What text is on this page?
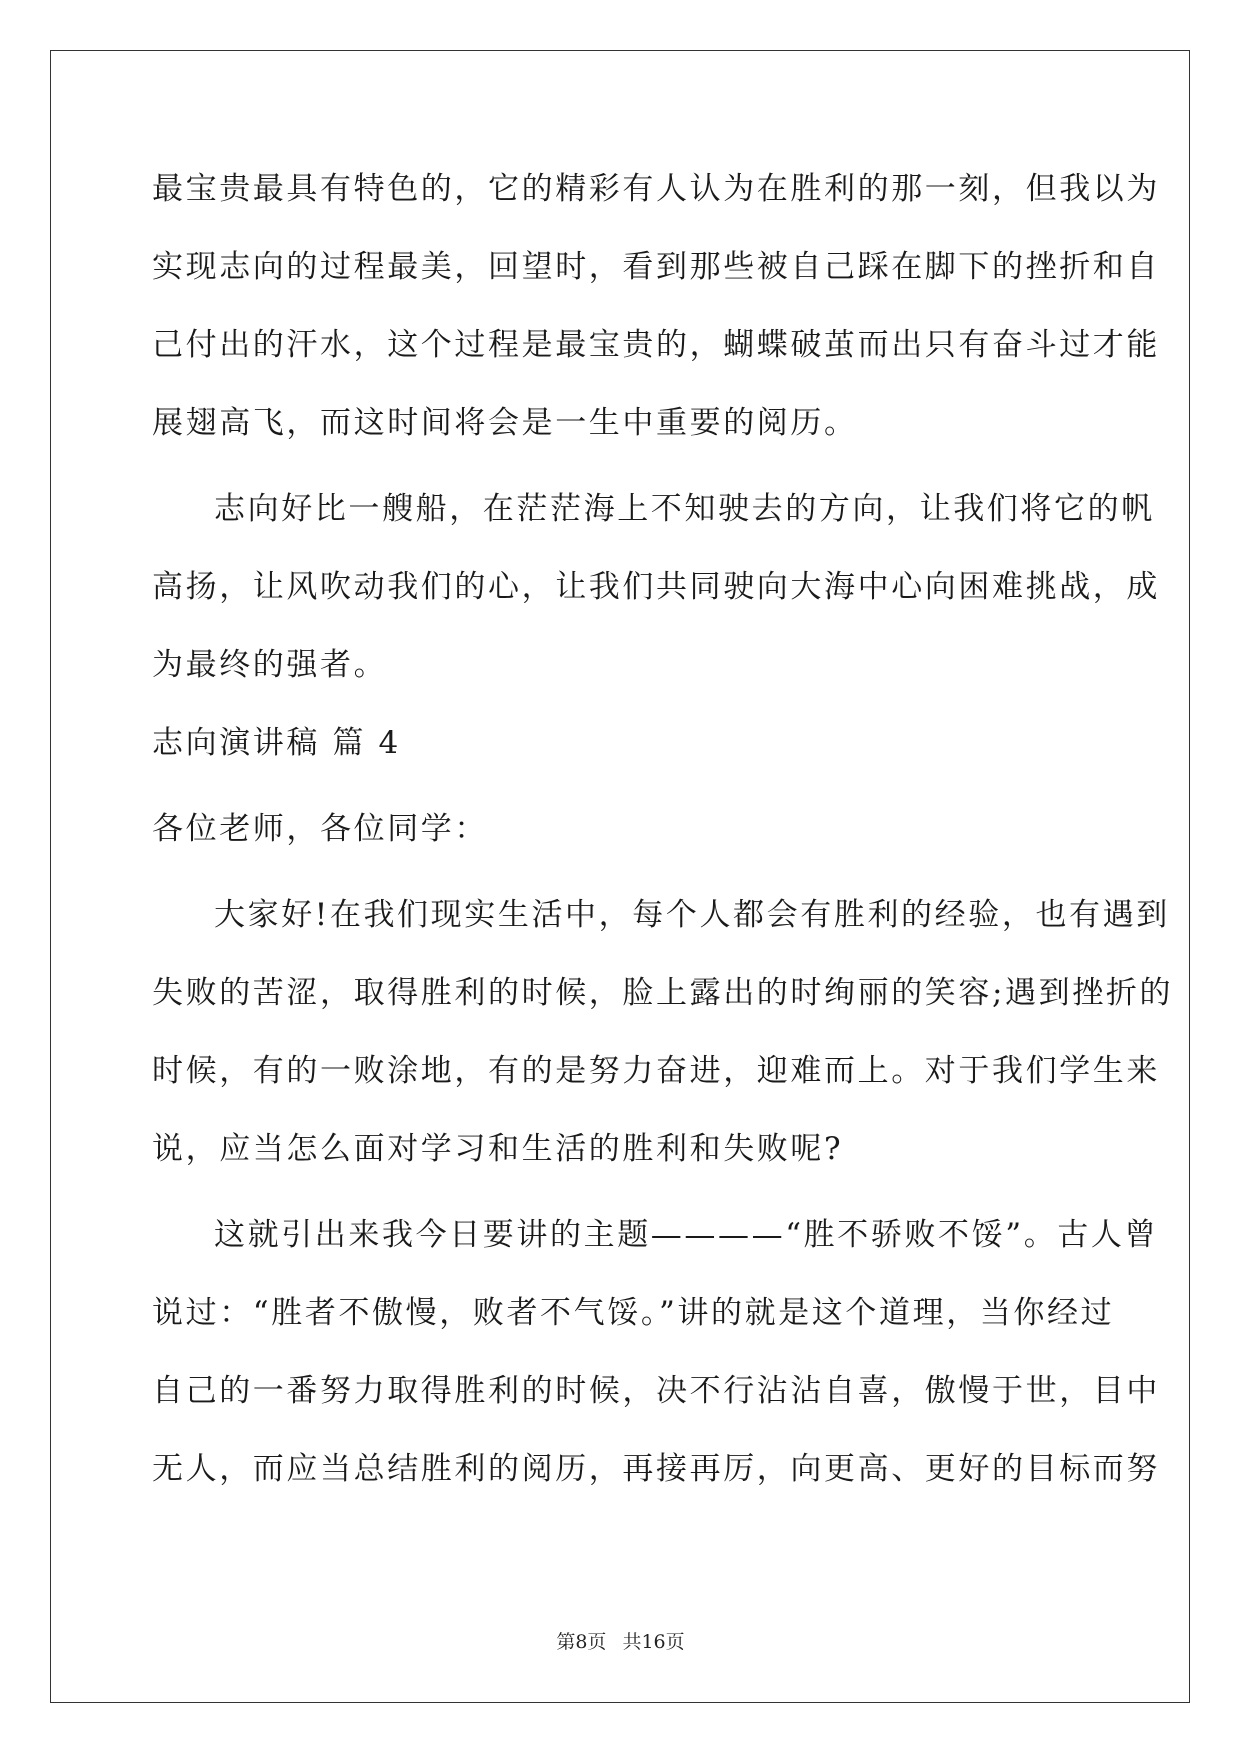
最宝贵最具有特色的，它的精彩有人认为在胜利的那一刻，但我以为
实现志向的过程最美，回望时，看到那些被自己踩在脚下的挫折和自
己付出的汗水，这个过程是最宝贵的，蝴蝶破茧而出只有奋斗过才能
展翅高飞，而这时间将会是一生中重要的阅历。
志向好比一艘船，在茫茫海上不知驶去的方向，让我们将它的帆
高扬，让风吹动我们的心，让我们共同驶向大海中心向困难挑战，成
为最终的强者。
志向演讲稿 篇 4
各位老师，各位同学：
大家好!在我们现实生活中，每个人都会有胜利的经验，也有遇到
失败的苦涩，取得胜利的时候，脸上露出的时绚丽的笑容;遇到挫折的
时候，有的一败涂地，有的是努力奋进，迎难而上。对于我们学生来
说，应当怎么面对学习和生活的胜利和失败呢?
这就引出来我今日要讲的主题————“胜不骄败不馁”。古人曾
说过：“胜者不傲慢，败者不气馁。”讲的就是这个道理，当你经过
自己的一番努力取得胜利的时候，决不行沾沾自喜，傲慢于世，目中
无人，而应当总结胜利的阅历，再接再厉，向更高、更好的目标而努
第8页 共16页
